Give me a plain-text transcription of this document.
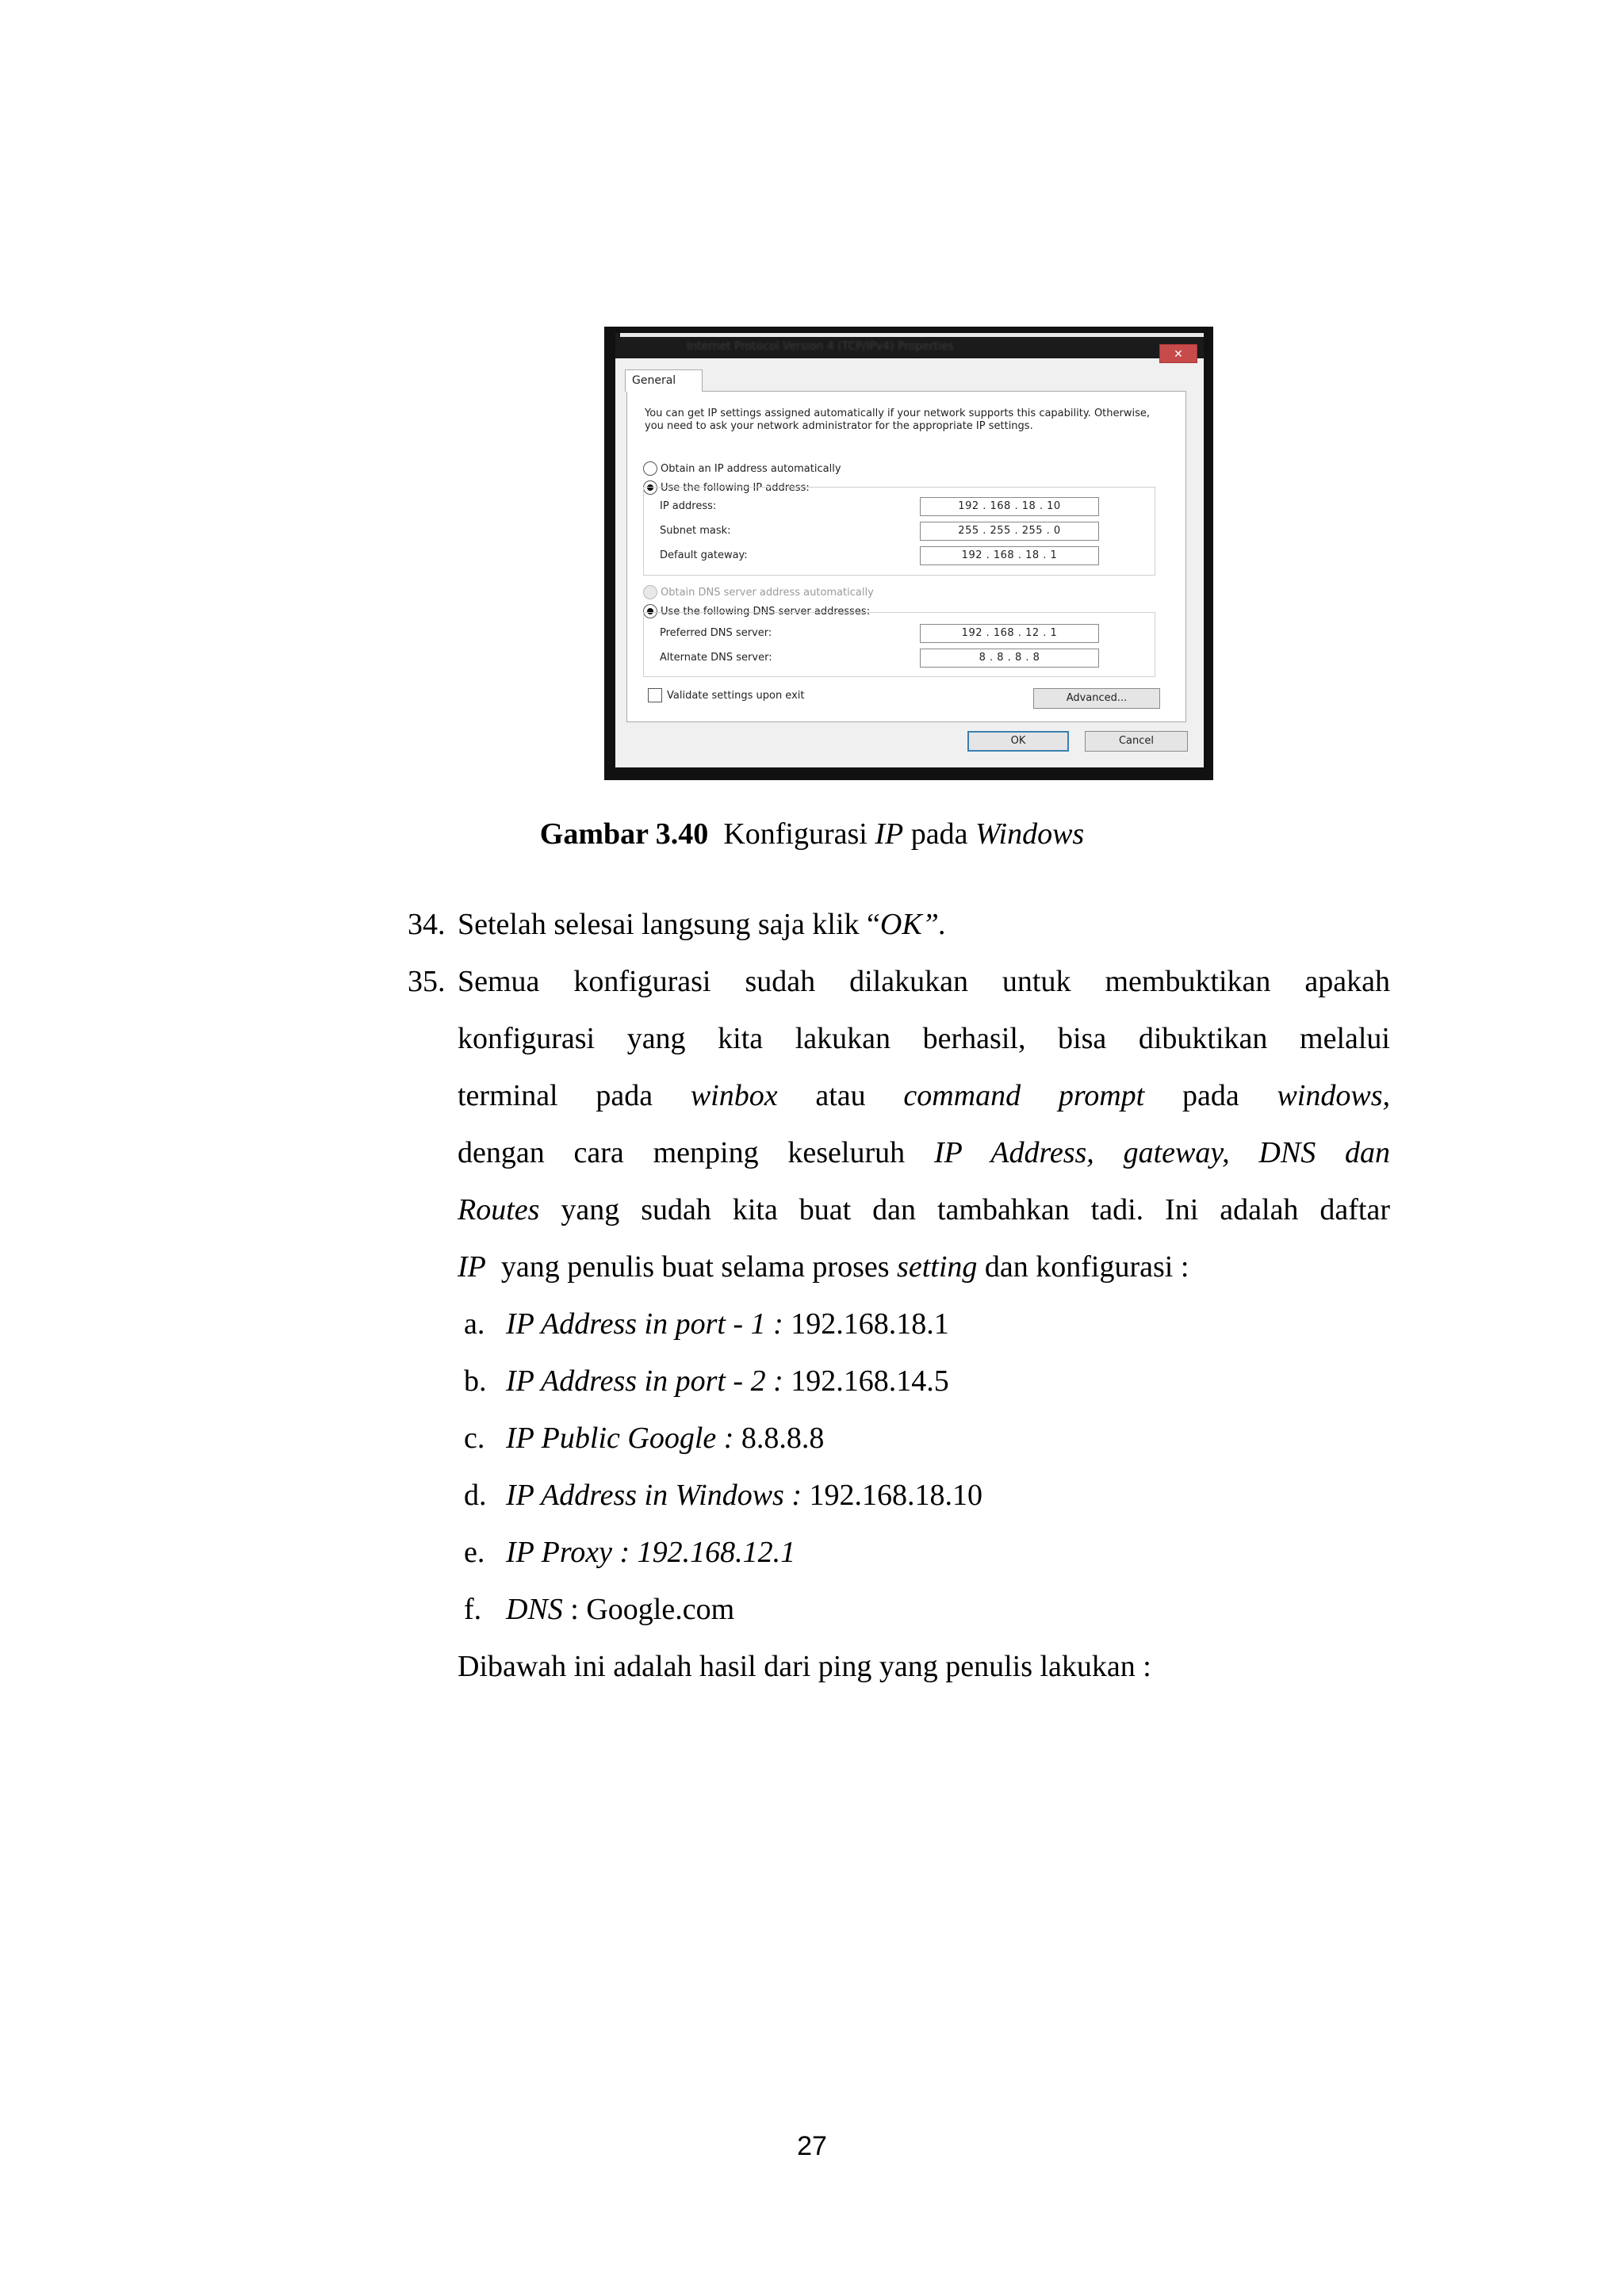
Internet Protocol Version 4 (TCP/IPv4) Properties
✕
General
You can get IP settings assigned automatically if your network supports this capability. Otherwise, you need to ask your network administrator for the appropriate IP settings.
Obtain an IP address automatically
Use the following IP address:
IP address:	192 . 168 . 18 . 10
Subnet mask:	255 . 255 . 255 . 0
Default gateway:	192 . 168 . 18 . 1
Obtain DNS server address automatically
Use the following DNS server addresses:
Preferred DNS server:	192 . 168 . 12 . 1
Alternate DNS server:	8 . 8 . 8 . 8
Validate settings upon exit	Advanced...
OK	Cancel
Gambar 3.40 Konfigurasi IP pada Windows
34. Setelah selesai langsung saja klik “OK”.
35. Semua konfigurasi sudah dilakukan untuk membuktikan apakah
konfigurasi yang kita lakukan berhasil, bisa dibuktikan melalui
terminal pada winbox atau command prompt pada windows,
dengan cara menping keseluruh IP Address, gateway, DNS dan
Routes yang sudah kita buat dan tambahkan tadi. Ini adalah daftar
IP yang penulis buat selama proses setting dan konfigurasi :
a. IP Address in port - 1 : 192.168.18.1
b. IP Address in port - 2 : 192.168.14.5
c. IP Public Google : 8.8.8.8
d. IP Address in Windows : 192.168.18.10
e. IP Proxy : 192.168.12.1
f. DNS : Google.com
Dibawah ini adalah hasil dari ping yang penulis lakukan :
27
